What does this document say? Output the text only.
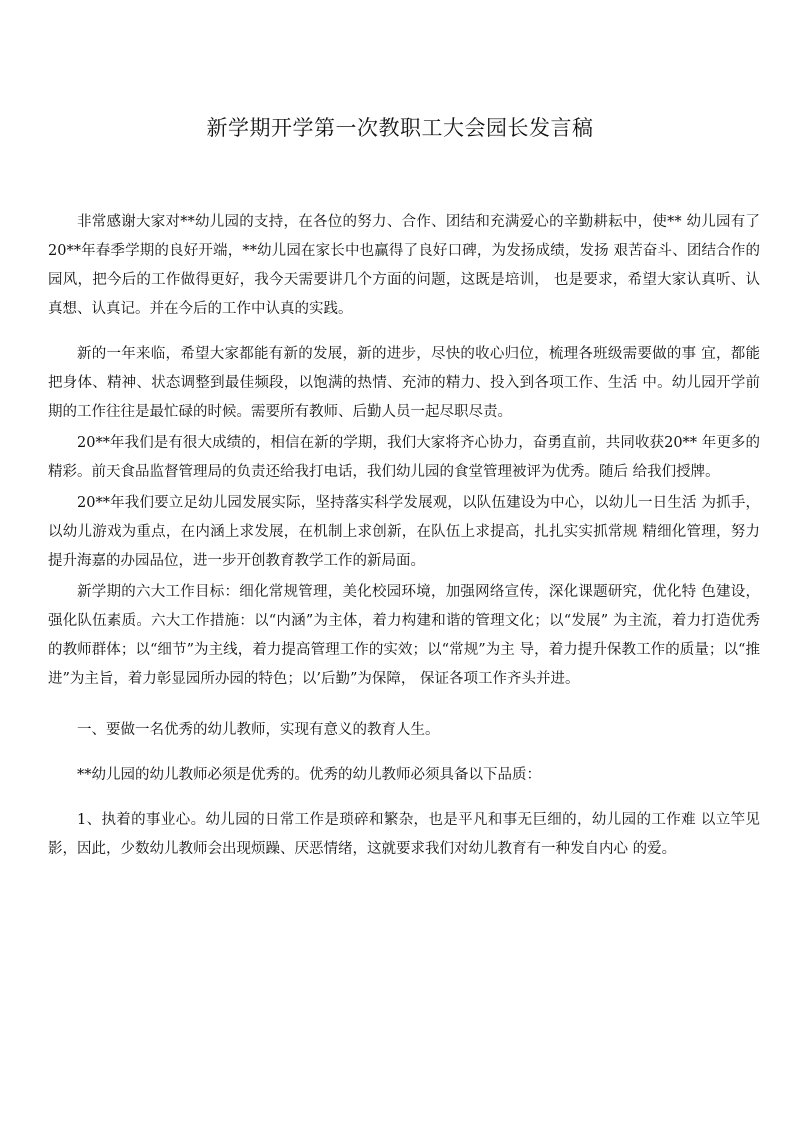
新学期开学第一次教职工大会园长发言稿

非常感谢大家对**幼儿园的支持，在各位的努力、合作、团结和充满爱心的辛勤耕耘中，使** 幼儿园有了 20**年春季学期的良好开端，**幼儿园在家长中也赢得了良好口碑，为发扬成绩，发扬 艰苦奋斗、团结合作的园风，把今后的工作做得更好，我今天需要讲几个方面的问题，这既是培训， 也是要求，希望大家认真听、认真想、认真记。并在今后的工作中认真的实践。

新的一年来临，希望大家都能有新的发展，新的进步，尽快的收心归位，梳理各班级需要做的事 宜，都能把身体、精神、状态调整到最佳频段，以饱满的热情、充沛的精力、投入到各项工作、生活 中。幼儿园开学前期的工作往往是最忙碌的时候。需要所有教师、后勤人员一起尽职尽责。

20**年我们是有很大成绩的，相信在新的学期，我们大家将齐心协力，奋勇直前，共同收获20** 年更多的精彩。前天食品监督管理局的负责还给我打电话，我们幼儿园的食堂管理被评为优秀。随后 给我们授牌。

20**年我们要立足幼儿园发展实际，坚持落实科学发展观，以队伍建设为中心，以幼儿一日生活 为抓手，以幼儿游戏为重点，在内涵上求发展，在机制上求创新，在队伍上求提高，扎扎实实抓常规 精细化管理，努力提升海嘉的办园品位，进一步开创教育教学工作的新局面。

新学期的六大工作目标：细化常规管理，美化校园环境，加强网络宣传，深化课题研究，优化特 色建设，强化队伍素质。六大工作措施：以“内涵”为主体，着力构建和谐的管理文化；以“发展” 为主流，着力打造优秀的教师群体；以“细节”为主线，着力提高管理工作的实效；以“常规”为主 导，着力提升保教工作的质量；以“推进”为主旨，着力彰显园所办园的特色；以’后勤”为保障， 保证各项工作齐头并进。

一、要做一名优秀的幼儿教师，实现有意义的教育人生。

**幼儿园的幼儿教师必须是优秀的。优秀的幼儿教师必须具备以下品质：

1、执着的事业心。幼儿园的日常工作是琐碎和繁杂，也是平凡和事无巨细的，幼儿园的工作难 以立竿见影，因此，少数幼儿教师会出现烦躁、厌恶情绪，这就要求我们对幼儿教育有一种发自内心 的爱。
